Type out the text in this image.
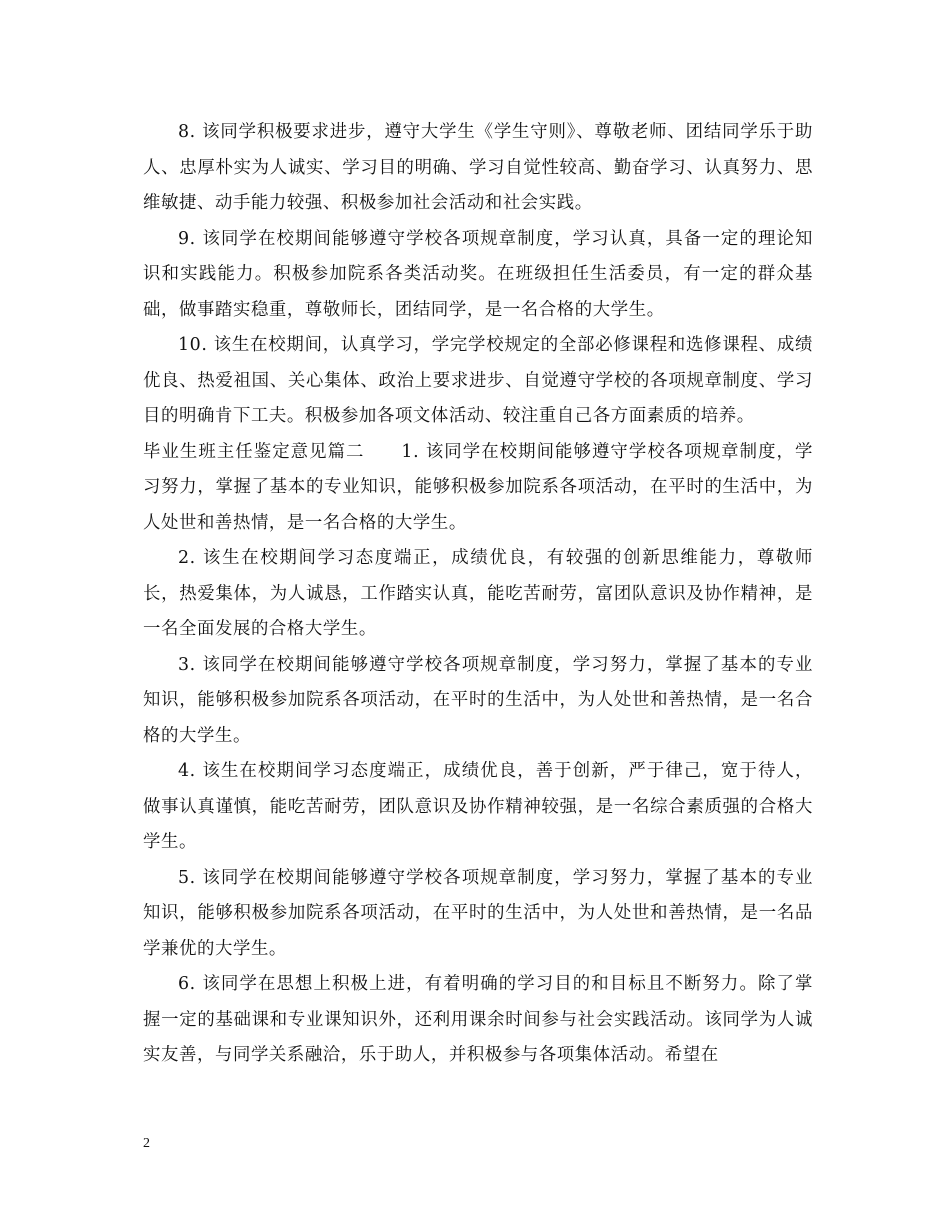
8. 该同学积极要求进步，遵守大学生《学生守则》、尊敬老师、团结同学乐于助人、忠厚朴实为人诚实、学习目的明确、学习自觉性较高、勤奋学习、认真努力、思维敏捷、动手能力较强、积极参加社会活动和社会实践。

9. 该同学在校期间能够遵守学校各项规章制度，学习认真，具备一定的理论知识和实践能力。积极参加院系各类活动奖。在班级担任生活委员，有一定的群众基础，做事踏实稳重，尊敬师长，团结同学，是一名合格的大学生。

10. 该生在校期间，认真学习，学完学校规定的全部必修课程和选修课程、成绩优良、热爱祖国、关心集体、政治上要求进步、自觉遵守学校的各项规章制度、学习目的明确肯下工夫。积极参加各项文体活动、较注重自己各方面素质的培养。

毕业生班主任鉴定意见篇二　　1. 该同学在校期间能够遵守学校各项规章制度，学习努力，掌握了基本的专业知识，能够积极参加院系各项活动，在平时的生活中，为人处世和善热情，是一名合格的大学生。

2. 该生在校期间学习态度端正，成绩优良，有较强的创新思维能力，尊敬师长，热爱集体，为人诚恳，工作踏实认真，能吃苦耐劳，富团队意识及协作精神，是一名全面发展的合格大学生。

3. 该同学在校期间能够遵守学校各项规章制度，学习努力，掌握了基本的专业知识，能够积极参加院系各项活动，在平时的生活中，为人处世和善热情，是一名合格的大学生。

4. 该生在校期间学习态度端正，成绩优良，善于创新，严于律己，宽于待人，做事认真谨慎，能吃苦耐劳，团队意识及协作精神较强，是一名综合素质强的合格大学生。

5. 该同学在校期间能够遵守学校各项规章制度，学习努力，掌握了基本的专业知识，能够积极参加院系各项活动，在平时的生活中，为人处世和善热情，是一名品学兼优的大学生。

6. 该同学在思想上积极上进，有着明确的学习目的和目标且不断努力。除了掌握一定的基础课和专业课知识外，还利用课余时间参与社会实践活动。该同学为人诚实友善，与同学关系融洽，乐于助人，并积极参与各项集体活动。希望在

2
